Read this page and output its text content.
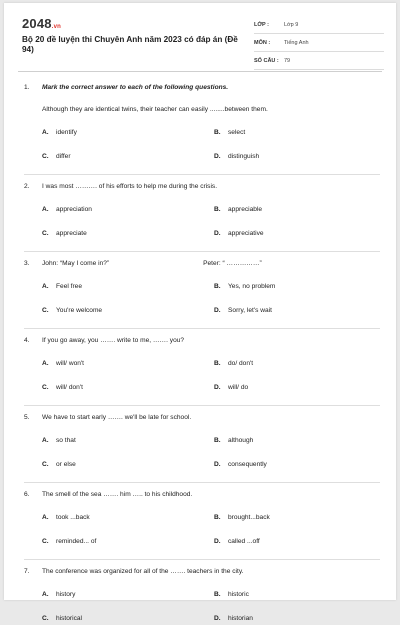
2048.vn
Bộ 20 đề luyện thi Chuyên Anh năm 2023 có đáp án (Đề 94)
LỚP :	Lớp 9
MÔN :	Tiếng Anh
SỐ CÂU : 79
1. Mark the correct answer to each of the following questions.
Although they are identical twins, their teacher can easily ........between them.
A. identify	B. select
C. differ	D. distinguish
2. I was most ………. of his efforts to help me during the crisis.
A. appreciation	B. appreciable
C. appreciate	D. appreciative
3. John: “May I come in?”	Peter: “ ……………”
A. Feel free	B. Yes, no problem
C. You're welcome	D. Sorry, let's wait
4. If you go away, you ……. write to me, ……. you?
A. will/ won't	B. do/ don't
C. will/ don't	D. will/ do
5. We have to start early ……. we'll be late for school.
A. so that	B. although
C. or else	D. consequently
6. The smell of the sea ……. him ….. to his childhood.
A. took ...back	B. brought...back
C. reminded... of	D. called ...off
7. The conference was organized for all of the ……. teachers in the city.
A. history	B. historic
C. historical	D. historian
